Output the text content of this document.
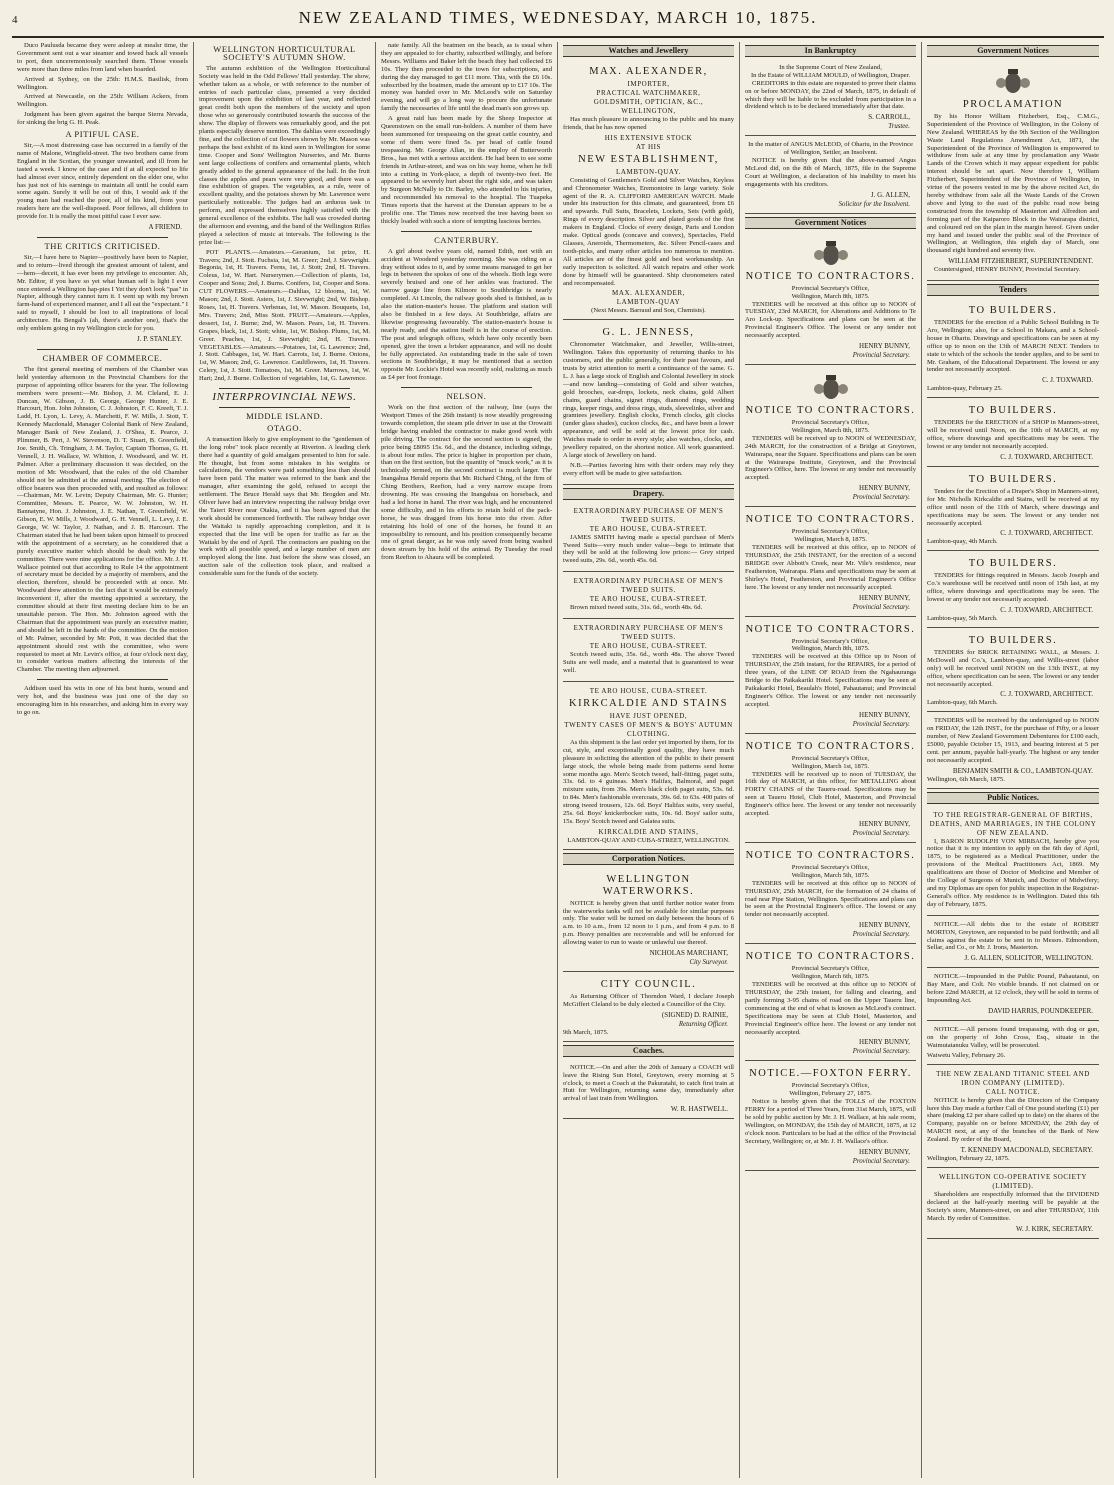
4	NEW ZEALAND TIMES, WEDNESDAY, MARCH 10, 1875.

Duco Paulusda became they were asleep at mealsr time, the Government sent out a war steamer and towed back all vessels to port, then unceremoniously searched them. Those vessels were more than three miles from land when boarded.

Arrived at Sydney, on the 25th: H.M.S. Basilisk, from Wellington.

Arrived at Newcastle, on the 25th: William Ackers, from Wellington.

Judgment has been given against the barque Sierra Nevada, for sinking the brig G. H. Peak.

A PITIFUL CASE.

Sir,—A most distressing case has occurred in a family of the name of Malone, Wingfield-street. The two brothers came from England in the Scotian, the younger unwanted, and ill from he tasted a week. I know of the case and if at all expected to life had almost ever since, entirely dependent on the elder one, who has just not of his earnings to maintain all until he could earn some again. Surely it will be out of this, I would ask if the young man had reached the poor, all of his kind, from your readers here are the well-disposed. Poor fellows, all children to provide for. It is really the most pitiful case I ever saw.

A FRIEND.
THE CRITICS CRITICISED.

Sir,—I have here to Napier—positively have been to Napier, and to return—lived through the greatest amount of talent, and—hem—deceit, it has ever been my privilege to encounter. Ah, Mr. Editor, if you have so yet what human self is light I ever once entered a Wellington hap-pies I Yet they don't look "pas" in Napier, although they cannot turn it. I went up with my brown farm-hand of experienced manner, and I all eat the "expectant." I said to myself, I should be lost to all inspirations of local architecture. Ha Bengal's (ah, there's another one), that's the only emblem going in my Wellington circle for you.

J. P. STANLEY.
CHAMBER OF COMMERCE.

The first general meeting of members of the Chamber was held yesterday afternoon in the Provincial Chambers for the purpose of appointing office bearers for the year. The following members were present:—Mr. Bishop, J. M. Cleland, E. J. Duncan, W. Gibson, J. B. George, George Hunter, J. E. Harcourt, Hon. John Johnston, C. J. Johnston, F. C. Kreeft, T. J. Ladd, H. Lyon, L. Levy, A. Marchetti, F. W. Mills, J. Stott, T. Kennedy Macdonald, Manager Colonial Bank of New Zealand, Manager Bank of New Zealand, J. O'Shea, E. Pearce, J. Plimmer, B. Pert, J. W. Stevenson, D. T. Stuart, B. Greenfield, Joe. Smith, Ch. Tringham, J. M. Taylor, Captain Thomas, G. H. Vennell, J. H. Wallace, W. Whitton, J. Woodward, and W. H. Palmer. After a preliminary discussion it was decided, on the motion of Mr. Woodward, that the rules of the old Chamber should not be admitted at the annual meeting. The election of office bearers was then proceeded with, and resulted as follows:—Chairman, Mr. W. Levin; Deputy Chairman, Mr. G. Hunter; Committee, Messrs. E. Pearce, W. W. Johnston, W. H. Bannatyne, Hon. J. Johnston, J. E. Nathan, T. Greenfield, W. Gibson, E. W. Mills, J. Woodward, G. H. Vennell, L. Levy, J. E. George, W. W. Taylor, J. Nathan, and J. B. Harcourt. The Chairman stated that he had been taken upon himself to proceed with the appointment of a secretary, as he considered that a purely executive matter which should be dealt with by the committee. There were nine applications for the office. Mr. J. H. Wallace pointed out that according to Rule 14 the appointment of secretary must be decided by a majority of members, and the election, therefore, should be proceeded with at once. Mr. Woodward drew attention to the fact that it would be extremely inconvenient if, after the meeting appointed a secretary, the committee should at their first meeting declare him to be an unsuitable person. The Hon. Mr. Johnston agreed with the Chairman that the appointment was purely an executive matter, and should be left in the hands of the committee. On the motion of Mr. Palmer, seconded by Mr. Pott, it was decided that the appointment should rest with the committee, who were requested to meet at Mr. Levin's office, at four o'clock next day, to consider various matters affecting the interests of the Chamber. The meeting then adjourned.

Addison used his wits in one of his best hunts, wound and very hot, and the business was just one of the day so encouraging him in his researches, and asking him in every way to go on.

WELLINGTON HORTICULTURAL SOCIETY'S AUTUMN SHOW.

The autumn exhibition of the Wellington Horticultural Society was held in the Odd Fellows' Hall yesterday. The show, whether taken as a whole, or with reference to the number of entries of each particular class, presented a very decided improvement upon the exhibition of last year, and reflected great credit both upon the members of the society and upon those who so generously contributed towards the success of the show. The display of flowers was remarkably good, and the pot plants especially deserve mention. The dahlias were exceedingly fine, and the collection of cut flowers shown by Mr. Mason was perhaps the best exhibit of its kind seen in Wellington for some time. Cooper and Sons' Wellington Nurseries, and Mr. Burns sent large collections of conifers and ornamental plants, which greatly added to the general appearance of the hall. In the fruit classes the apples and pears were very good, and there was a fine exhibition of grapes. The vegetables, as a rule, were of excellent quality, and the potatoes shown by Mr. Lawrence were particularly noticeable. The judges had an arduous task to perform, and expressed themselves highly satisfied with the general excellence of the exhibits. The hall was crowded during the afternoon and evening, and the band of the Wellington Rifles played a selection of music at intervals. The following is the prize list:—

POT PLANTS.—Amateurs.—Geranium, 1st prize, H. Travers; 2nd, J. Stott. Fuchsia, 1st, M. Greer; 2nd, J. Sievwright. Begonia, 1st, H. Travers. Ferns, 1st, J. Stott; 2nd, H. Travers. Coleus, 1st, W. Hart. Nurserymen.—Collection of plants, 1st, Cooper and Sons; 2nd, J. Burns. Conifers, 1st, Cooper and Sons. CUT FLOWERS.—Amateurs.—Dahlias, 12 blooms, 1st, W. Mason; 2nd, J. Stott. Asters, 1st, J. Sievwright; 2nd, W. Bishop. Roses, 1st, H. Travers. Verbenas, 1st, W. Mason. Bouquets, 1st, Mrs. Travers; 2nd, Miss Stott. FRUIT.—Amateurs.—Apples, dessert, 1st, J. Burne; 2nd, W. Mason. Pears, 1st, H. Travers. Grapes, black, 1st, J. Stott; white, 1st, W. Bishop. Plums, 1st, M. Greer. Peaches, 1st, J. Sievwright; 2nd, H. Travers. VEGETABLES.—Amateurs.—Potatoes, 1st, G. Lawrence; 2nd, J. Stott. Cabbages, 1st, W. Hart. Carrots, 1st, J. Burne. Onions, 1st, W. Mason; 2nd, G. Lawrence. Cauliflowers, 1st, H. Travers. Celery, 1st, J. Stott. Tomatoes, 1st, M. Greer. Marrows, 1st, W. Hart; 2nd, J. Burne. Collection of vegetables, 1st, G. Lawrence.

INTERPROVINCIAL NEWS.
MIDDLE ISLAND.
OTAGO.

A transaction likely to give employment to the "gentlemen of the long robe" took place recently at Riverton. A leading clerk there had a quantity of gold amalgam presented to him for sale. He thought, but from some mistakes in his weights or calculations, the vendors were paid something less than should have been paid. The matter was referred to the bank and the manager, after examining the gold, refused to accept the settlement. The Bruce Herald says that Mr. Brogden and Mr. Oliver have had an interview respecting the railway bridge over the Taieri River near Otakia, and it has been agreed that the work should be commenced forthwith. The railway bridge over the Waitaki is rapidly approaching completion, and it is expected that the line will be open for traffic as far as the Waitaki by the end of April. The contractors are pushing on the work with all possible speed, and a large number of men are employed along the line. Just before the show was closed, an auction sale of the collection took place, and realised a considerable sum for the funds of the society.

nate family. All the beatmen on the beach, as is usual when they are appealed to for charity, subscribed willingly, and before Messrs. Williams and Baker left the beach they had collected £6 10s. They then proceeded to the town for subscriptions, and during the day managed to get £11 more. This, with the £6 10s. subscribed by the boatmen, made the amount up to £17 10s. The money was handed over to Mr. McLeod's wife on Saturday evening, and will go a long way to procure the unfortunate family the necessaries of life until the dead man's son grows up.

A great raid has been made by the Sheep Inspector at Queenstown on the small run-holders. A number of them have been summoned for trespassing on the great cattle country, and some of them were fined 5s. per head of cattle found trespassing. Mr. George Allan, in the employ of Butterworth Bros., has met with a serious accident. He had been to see some friends in Arthur-street, and was on his way home, when he fell into a cutting in York-place, a depth of twenty-two feet. He appeared to be severely hurt about the right side, and was taken by Surgeon McNally to Dr. Barley, who attended to his injuries, and recommended his removal to the hospital. The Tuapeka Times reports that the harvest at the Dunstan appears to be a prolific one. The Times now received the tree having been so thickly loaded with such a store of tempting luscious berries.

CANTERBURY.

A girl about twelve years old, named Edith, met with an accident at Woodend yesterday morning. She was riding on a dray without sides to it, and by some means managed to get her legs in between the spokes of one of the wheels. Both legs were severely bruised and one of her ankles was fractured. The narrow gauge line from Kilmore to Southbridge is nearly completed. At Lincoln, the railway goods shed is finished, as is also the station-master's house. The platform and station will also be finished in a few days. At Southbridge, affairs are likewise progressing favourably. The station-master's house is nearly ready, and the station itself is in the course of erection. The post and telegraph offices, which have only recently been opened, give the town a brisker appearance, and will no doubt be fully appreciated. An outstanding trade in the sale of town sections in Southbridge, it may be mentioned that a section opposite Mr. Lockie's Hotel was recently sold, realizing as much as £4 per foot frontage.

NELSON.

Work on the first section of the railway, line (says the Westport Times of the 26th instant) is now steadily progressing towards completion, the steam pile driver in use at the Orowaiti bridge having enabled the contractor to make good work with pile driving. The contract for the second section is signed, the price being £8095 15s. 6d., and the distance, including sidings, is about four miles. The price is higher in proportion per chain, than on the first section, but the quantity of "muck work," as it is technically termed, on the second contract is much larger. The Inangahua Herald reports that Mr. Richard Ching, of the firm of Ching Brothers, Reefton, had a very narrow escape from drowning. He was crossing the Inangahua on horseback, and had a led horse in hand. The river was high, and he encountered some difficulty, and in his efforts to retain hold of the pack-horse, he was dragged from his horse into the river. After retaining his hold of one of the horses, he found it an impossibility to remount, and his position consequently became one of great danger, as he was only saved from being washed down stream by his hold of the animal. By Tuesday the road from Reefton to Ahaura will be completed.

Watches and Jewellery
MAX. ALEXANDER,
IMPORTER,
PRACTICAL WATCHMAKER,
GOLDSMITH, OPTICIAN, &C.,
WELLINGTON,

Has much pleasure in announcing to the public and his many friends, that he has now opened

HIS EXTENSIVE STOCK
AT HIS
NEW ESTABLISHMENT,
LAMBTON-QUAY.

Consisting of Gentlemen's Gold and Silver Watches, Keyless and Chronometer Watches, Eremontoire in large variety. Sole agent of the R. A. CLIFFORD AMERICAN WATCH. Made under his instruction for this climate, and guaranteed, from £6 and upwards. Full Suits, Bracelets, Lockets, Sets (with gold), Rings of every description. Silver and plated goods of the first makers in England. Clocks of every design, Paris and London make. Optical goods (concave and convex), Spectacles, Field Glasses, Aneroids, Thermometers, &c. Silver Pencil-cases and tooth-picks, and many other articles too numerous to mention. All articles are of the finest gold and best workmanship. An early inspection is solicited. All watch repairs and other work done by himself will be guaranteed. Ship chronometers rated and recompensated.

MAX. ALEXANDER,
LAMBTON-QUAY
(Next Messrs. Barraud and Son, Chemists).
G. L. JENNESS,

Chronometer Watchmaker, and Jeweller, Willis-street, Wellington. Takes this opportunity of returning thanks to his customers, and the public generally, for their past favours, and trusts by strict attention to merit a continuance of the same. G. L. J. has a large stock of English and Colonial Jewellery in stock—and now landing—consisting of Gold and silver watches, gold brooches, ear-drops, lockets, neck chains, gold Albert chains, guard chains, signet rings, diamond rings, wedding rings, keeper rings, and dress rings, studs, sleevelinks, silver and gramtees jewellery. English clocks, French clocks, gilt clocks (under glass shades), cuckoo clocks, &c., and have been a lower appearance, and will be sold at the lowest price for cash. Watches made to order in every style; also watches, clocks, and jewellery repaired, on the shortest notice. All work guaranteed. A large stock of Jewellery on hand.

N.B.—Parties favoring him with their orders may rely they every effort will be made to give satisfaction.

Drapery.
EXTRAORDINARY PURCHASE OF MEN'S TWEED SUITS.
TE ARO HOUSE, CUBA-STREET.

JAMES SMITH having made a special purchase of Men's Tweed Suits—very much under value—begs to intimate that they will be sold at the following low prices:— Grey striped tweed suits, 29s. 6d., worth 45s. 6d.

EXTRAORDINARY PURCHASE OF MEN'S TWEED SUITS.
TE ARO HOUSE, CUBA-STREET.

Brown mixed tweed suits, 31s. 6d., worth 48s. 6d.

EXTRAORDINARY PURCHASE OF MEN'S TWEED SUITS.
TE ARO HOUSE, CUBA-STREET.

Scotch tweed suits, 35s. 6d., worth 48s. The above Tweed Suits are well made, and a material that is guaranteed to wear well.

TE ARO HOUSE, CUBA-STREET.
KIRKCALDIE AND STAINS
HAVE JUST OPENED,
TWENTY CASES OF MEN'S & BOYS' AUTUMN CLOTHING.

As this shipment is the last order yet imported by them, for its cut, style, and exceptionally good quality, they have much pleasure in soliciting the attention of the public to their present large stock, the whole being made from patterns send home some months ago. Men's Scotch tweed, half-fitting, paget suits, 33s. 6d. to 4 guineas. Men's Halifax, Balmoral, and paget mixture suits, from 39s. Men's black cloth paget suits, 53s. 6d. to 84s. Men's fashionable overcoats, 39s. 6d. to 63s. 400 pairs of strong tweed trousers, 12s. 6d. Boys' Halifax suits, very useful, 25s. 6d. Boys' knickerbocker suits, 10s. 6d. Boys' sailor suits, 15s. Boys' Scotch tweed and Galatea suits.

KIRKCALDIE AND STAINS,
LAMBTON-QUAY AND CUBA-STREET, WELLINGTON.
Corporation Notices.
WELLINGTON WATERWORKS.

NOTICE is hereby given that until further notice water from the waterworks tanks will not be available for similar purposes only. The water will be turned on daily between the hours of 6 a.m. to 10 a.m., from 12 noon to 1 p.m., and from 4 p.m. to 8 p.m. Heavy penalties are recoverable and will be enforced for allowing water to run to waste or unlawful use thereof.

NICHOLAS MARCHANT,
City Surveyor.
CITY COUNCIL.

As Returning Officer of Thorndon Ward, I declare Joseph McGiffert Cleland to be duly elected a Councillor of the City.

(SIGNED) D. RAINIE,
Returning Officer.
9th March, 1875.
Coaches.

NOTICE.—On and after the 20th of January a COACH will leave the Rising Sun Hotel, Greytown, every morning at 5 o'clock, to meet a Coach at the Pakuratahi, to catch first train at Hutt for Wellington, returning same day, immediately after arrival of last train from Wellington.

W. R. HASTWELL.
In Bankruptcy
In the Supreme Court of New Zealand,
In the Estate of WILLIAM MOULD, of Wellington, Draper.

CREDITORS in this estate are requested to prove their claims on or before MONDAY, the 22nd of March, 1875, in default of which they will be liable to be excluded from participation in a dividend which is to be declared immediately after that date.

S. CARROLL,
Trustee.
In the matter of ANGUS McLEOD, of Ohariu, in the Province of Wellington, Settler, an Insolvent.

NOTICE is hereby given that the above-named Angus McLeod did, on the 8th of March, 1875, file in the Supreme Court at Wellington, a declaration of his inability to meet his engagements with his creditors.

J. G. ALLEN,
Solicitor for the Insolvent.
Government Notices
NOTICE TO CONTRACTORS.
Provincial Secretary's Office,
Wellington, March 8th, 1875.

TENDERS will be received at this office up to NOON of TUESDAY, 23rd MARCH, for Alterations and Additions to Te Aro Lock-up. Specifications and plans can be seen at the Provincial Engineer's Office. The lowest or any tender not necessarily accepted.

HENRY BUNNY,
Provincial Secretary.
NOTICE TO CONTRACTORS.
Provincial Secretary's Office,
Wellington, March 8th, 1875.

TENDERS will be received up to NOON of WEDNESDAY, 24th MARCH, for the construction of a Bridge at Greytown, Wairarapa, near the Square. Specifications and plans can be seen at the Wairarapa Institute, Greytown, and the Provincial Engineer's Office, here. The lowest or any tender not necessarily accepted.

HENRY BUNNY,
Provincial Secretary.
NOTICE TO CONTRACTORS.
Provincial Secretary's Office,
Wellington, March 8, 1875.

TENDERS will be received at this office, up to NOON of THURSDAY, the 25th INSTANT, for the erection of a second BRIDGE over Abbott's Creek, near Mr. Vile's residence, near Featherston, Wairarapa. Plans and specifications may be seen at Shirley's Hotel, Featherston, and Provincial Engineer's Office here. The lowest or any tender not necessarily accepted.

HENRY BUNNY,
Provincial Secretary.
NOTICE TO CONTRACTORS.
Provincial Secretary's Office,
Wellington, March 8th, 1875.

TENDERS will be received at this Office up to Noon of THURSDAY, the 25th instant, for the REPAIRS, for a period of three years, of the LINE OF ROAD from the Ngahauranga Bridge to the Paikakariki Hotel. Specifications may be seen at Paikakariki Hotel, Beaulah's Hotel, Pahautanui; and Provincial Engineer's Office. The lowest or any tender not necessarily accepted.

HENRY BUNNY,
Provincial Secretary.
NOTICE TO CONTRACTORS.
Provincial Secretary's Office,
Wellington, March 1st, 1875.

TENDERS will be received up to noon of TUESDAY, the 16th day of MARCH, at this office, for METALLING about FORTY CHAINS of the Taueru-road. Specifications may be seen at Taueru Hotel, Club Hotel, Masterton, and Provincial Engineer's office here. The lowest or any tender not necessarily accepted.

HENRY BUNNY,
Provincial Secretary.
NOTICE TO CONTRACTORS.
Provincial Secretary's Office,
Wellington, March 5th, 1875.

TENDERS will be received at this office up to NOON of THURSDAY, 25th MARCH, for the formation of 24 chains of road near Pipe Station, Wellington. Specifications and plans can be seen at the Provincial Engineer's office. The lowest or any tender not necessarily accepted.

HENRY BUNNY,
Provincial Secretary.
NOTICE TO CONTRACTORS.
Provincial Secretary's Office,
Wellington, March 6th, 1875.

TENDERS will be received at this office up to NOON of THURSDAY, the 25th instant, for falling and clearing, and partly forming 3-95 chains of road on the Upper Taueru line, commencing at the end of what is known as McLeod's contract. Specifications may be seen at Club Hotel, Masterton, and Provincial Engineer's office here. The lowest or any tender not necessarily accepted.

HENRY BUNNY,
Provincial Secretary.
NOTICE.—FOXTON FERRY.
Provincial Secretary's Office,
Wellington, February 27, 1875.

Notice is hereby given that the TOLLS of the FOXTON FERRY for a period of Three Years, from 31st March, 1875, will be sold by public auction by Mr. J. H. Wallace, at his sale room, Wellington, on MONDAY, the 15th day of MARCH, 1875, at 12 o'clock noon. Particulars to be had at the office of the Provincial Secretary, Wellington; or, at Mr. J. H. Wallace's office.

HENRY BUNNY,
Provincial Secretary.
Government Notices
PROCLAMATION

By his Honor William Fitzherbert, Esq., C.M.G., Superintendent of the Province of Wellington, in the Colony of New Zealand. WHEREAS by the 9th Section of the Wellington Waste Land Regulations Amendment Act, 1871, the Superintendent of the Province of Wellington is empowered to withdraw from sale at any time by proclamation any Waste Lands of the Crown which it may appear expedient for public interest should be set apart. Now therefore I, William Fitzherbert, Superintendent of the Province of Wellington, in virtue of the powers vested in me by the above recited Act, do hereby withdraw from sale all the Waste Lands of the Crown above and lying to the east of the public road now being constructed from the township of Masterton and Alfredton and forming part of the Kaiparoro Block in the Wairarapa district, and coloured red on the plan in the margin hereof. Given under my hand and issued under the public seal of the Province of Wellington, at Wellington, this eighth day of March, one thousand eight hundred and seventy five.

WILLIAM FITZHERBERT, SUPERINTENDENT.

Countersigned, HENRY BUNNY, Provincial Secretary.

Tenders
TO BUILDERS.

TENDERS for the erection of a Public School Building in Te Aro, Wellington; also, for a School in Makara, and a School-house in Ohariu. Drawings and specifications can be seen at my office up to noon on the 13th of MARCH NEXT. Tenders to state to which of the schools the tender applies, and to be sent to Mr. Graham, of the Educational Department. The lowest or any tender not necessarily accepted.

C. J. TOXWARD.
Lambton-quay, February 25.
TO BUILDERS.

TENDERS for the ERECTION of a SHOP in Manners-street, will be received until Noon, on the 10th of MARCH, at my office, where drawings and specifications may be seen. The lowest or any tender not necessarily accepted.

C. J. TOXWARD, ARCHITECT.
TO BUILDERS.

Tenders for the Erection of a Draper's Shop in Manners-street, for Mr. Nicholls Kirkcaldie and Stains, will be received at my office until noon of the 11th of March, where drawings and specifications may be seen. The lowest or any tender not necessarily accepted.

C. J. TOXWARD, ARCHITECT.
Lambton-quay, 4th March.
TO BUILDERS.

TENDERS for fittings required in Messrs. Jacob Joseph and Co.'s warehouse will be received until noon of 15th last, at my office, where drawings and specifications may be seen. The lowest or any tender not necessarily accepted.

C. J. TOXWARD, ARCHITECT.
Lambton-quay, 5th March.
TO BUILDERS.

TENDERS for BRICK RETAINING WALL, at Messrs. J. McDowell and Co.'s, Lambton-quay, and Willis-street (labor only) will be received until NOON on the 13th INST., at my office, where specification can be seen. The lowest or any tender not necessarily accepted.

C. J. TOXWARD, ARCHITECT.
Lambton-quay, 6th March.

TENDERS will be received by the undersigned up to NOON on FRIDAY, the 12th INST., for the purchase of Fifty, or a lesser number, of New Zealand Government Debentures for £100 each, £5000, payable October 15, 1913, and bearing interest at 5 per cent. per annum, payable half-yearly. The highest or any tender not necessarily accepted.

BENJAMIN SMITH & CO., LAMBTON-QUAY.
Wellington, 6th March, 1875.
Public Notices.
TO THE REGISTRAR-GENERAL OF BIRTHS, DEATHS, AND MARRIAGES, IN THE COLONY OF NEW ZEALAND.

I, BARON RUDOLPH VON MIRBACH, hereby give you notice that it is my intention to apply on the 6th day of April, 1875, to be registered as a Medical Practitioner, under the provisions of the Medical Practitioners Act, 1869. My qualifications are those of Doctor of Medicine and Member of the College of Surgeons of Munich, and Doctor of Midwifery; and my Diplomas are open for public inspection in the Registrar-General's office. My residence is in Wellington. Dated this 6th day of February, 1875.

NOTICE.—All debts due to the estate of ROBERT MORTON, Greytown, are requested to be paid forthwith; and all claims against the estate to be sent in to Messrs. Edmondson, Sellar, and Co., or Mr. J. Irons, Masterton.

J. G. ALLEN, SOLICITOR, WELLINGTON.

NOTICE.—Impounded in the Public Pound, Pahautanui, on Bay Mare, and Colt. No visible brands. If not claimed on or before 22nd MARCH, at 12 o'clock, they will be sold in terms of Impounding Act.

DAVID HARRIS, POUNDKEEPER.

NOTICE.—All persons found trespassing, with dog or gun, on the property of John Cross, Esq., situate in the Waimutatanuku Valley, will be prosecuted.

Waiwetu Valley, February 26.
THE NEW ZEALAND TITANIC STEEL AND IRON COMPANY (LIMITED).
CALL NOTICE.

NOTICE is hereby given that the Directors of the Company have this Day made a further Call of One pound sterling (£1) per share (making £2 per share called up to date) on the shares of the Company, payable on or before MONDAY, the 29th day of MARCH next, at any of the branches of the Bank of New Zealand. By order of the Board,

T. KENNEDY MACDONALD, SECRETARY.
Wellington, February 22, 1875.
WELLINGTON CO-OPERATIVE SOCIETY (LIMITED).

Shareholders are respectfully informed that the DIVIDEND declared at the half-yearly meeting will be payable at the Society's store, Manners-street, on and after THURSDAY, 11th March. By order of Committee.

W. J. KIRK, SECRETARY.
